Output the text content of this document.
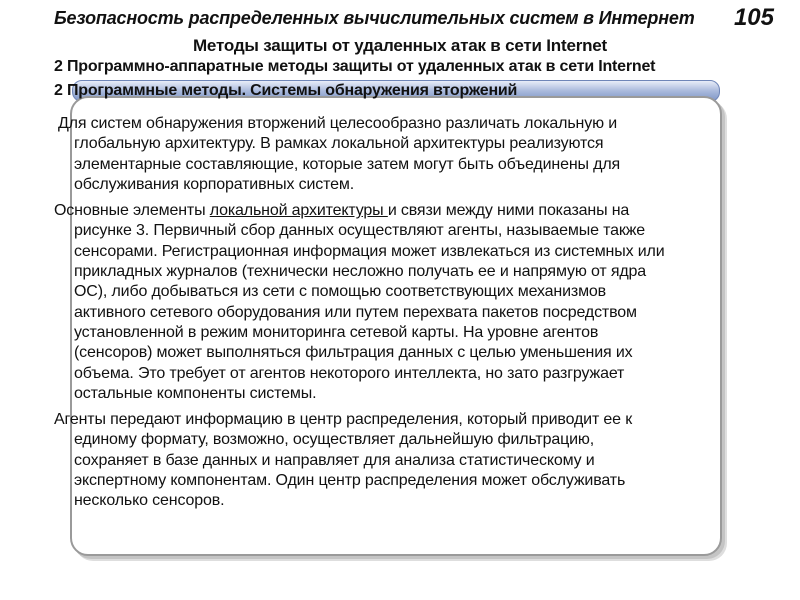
Безопасность распределенных вычислительных систем в Интернет 105
Методы защиты от удаленных атак в сети Internet
2 Программно-аппаратные методы защиты от удаленных атак в сети Internet
2 Программные методы. Системы обнаружения вторжений
Для систем обнаружения вторжений целесообразно различать локальную и
глобальную архитектуру. В рамках локальной архитектуры реализуются
элементарные составляющие, которые затем могут быть объединены для
обслуживания корпоративных систем.
Основные элементы локальной архитектуры и связи между ними показаны на
рисунке 3. Первичный сбор данных осуществляют агенты, называемые также
сенсорами. Регистрационная информация может извлекаться из системных или
прикладных журналов (технически несложно получать ее и напрямую от ядра
ОС), либо добываться из сети с помощью соответствующих механизмов
активного сетевого оборудования или путем перехвата пакетов посредством
установленной в режим мониторинга сетевой карты. На уровне агентов
(сенсоров) может выполняться фильтрация данных с целью уменьшения их
объема. Это требует от агентов некоторого интеллекта, но зато разгружает
остальные компоненты системы.
Агенты передают информацию в центр распределения, который приводит ее к
единому формату, возможно, осуществляет дальнейшую фильтрацию,
сохраняет в базе данных и направляет для анализа статистическому и
экспертному компонентам. Один центр распределения может обслуживать
несколько сенсоров.
